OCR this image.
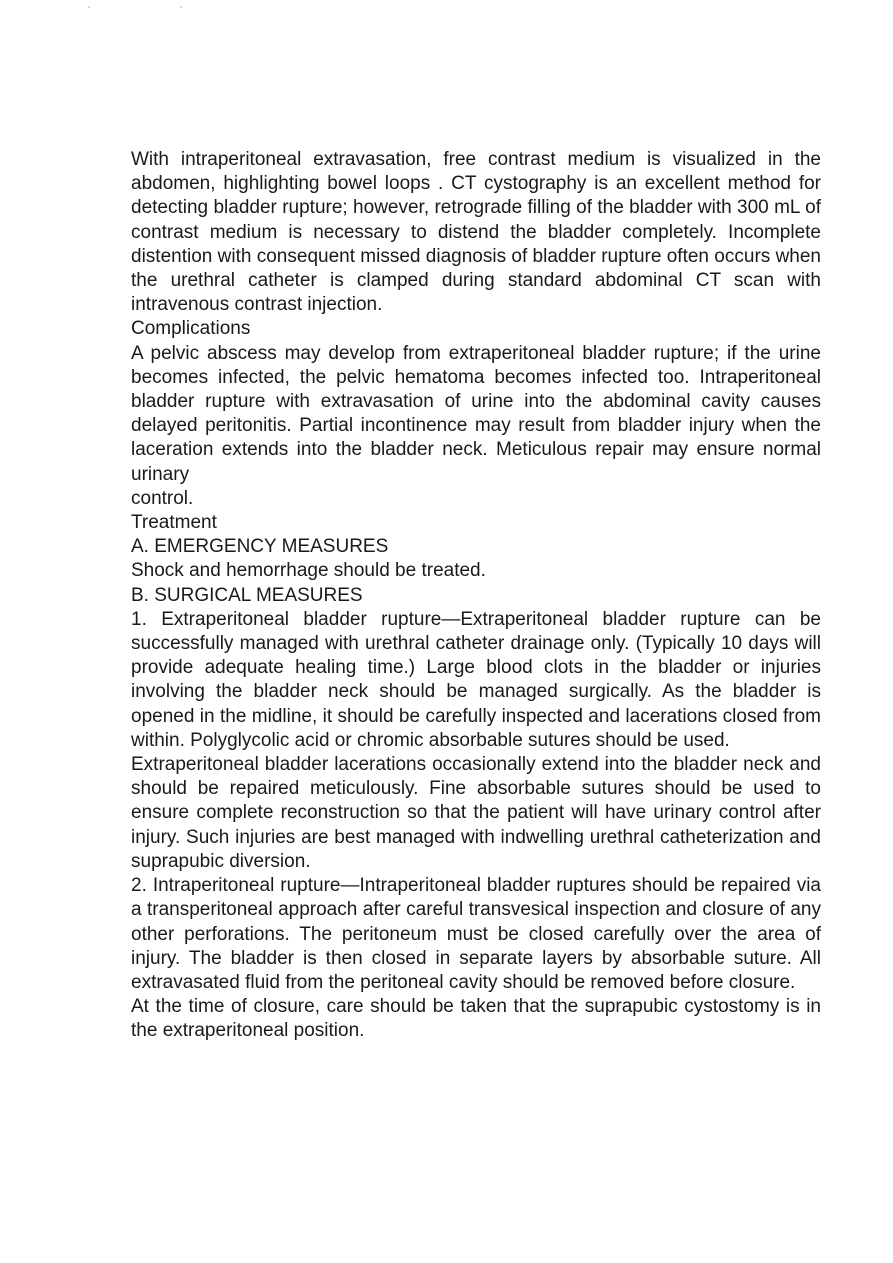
With intraperitoneal extravasation, free contrast medium is visualized in the abdomen, highlighting bowel loops . CT cystography is an excellent method for detecting bladder rupture; however, retrograde filling of the bladder with 300 mL of contrast medium is necessary to distend the bladder completely. Incomplete distention with consequent missed diagnosis of bladder rupture often occurs when the urethral catheter is clamped during standard abdominal CT scan with intravenous contrast injection.

Complications

A pelvic abscess may develop from extraperitoneal bladder rupture; if the urine becomes infected, the pelvic hematoma becomes infected too. Intraperitoneal bladder rupture with extravasation of urine into the abdominal cavity causes delayed peritonitis. Partial incontinence may result from bladder injury when the laceration extends into the bladder neck. Meticulous repair may ensure normal urinary

control.

Treatment

A. EMERGENCY MEASURES

Shock and hemorrhage should be treated.

B. SURGICAL MEASURES

1. Extraperitoneal bladder rupture—Extraperitoneal bladder rupture can be successfully managed with urethral catheter drainage only. (Typically 10 days will provide adequate healing time.) Large blood clots in the bladder or injuries involving the bladder neck should be managed surgically. As the bladder is opened in the midline, it should be carefully inspected and lacerations closed from within. Polyglycolic acid or chromic absorbable sutures should be used.

Extraperitoneal bladder lacerations occasionally extend into the bladder neck and should be repaired meticulously. Fine absorbable sutures should be used to ensure complete reconstruction so that the patient will have urinary control after injury. Such injuries are best managed with indwelling urethral catheterization and suprapubic diversion.

2. Intraperitoneal rupture—Intraperitoneal bladder ruptures should be repaired via a transperitoneal approach after careful transvesical inspection and closure of any other perforations. The peritoneum must be closed carefully over the area of injury. The bladder is then closed in separate layers by absorbable suture. All extravasated fluid from the peritoneal cavity should be removed before closure.

At the time of closure, care should be taken that the suprapubic cystostomy is in the extraperitoneal position.
